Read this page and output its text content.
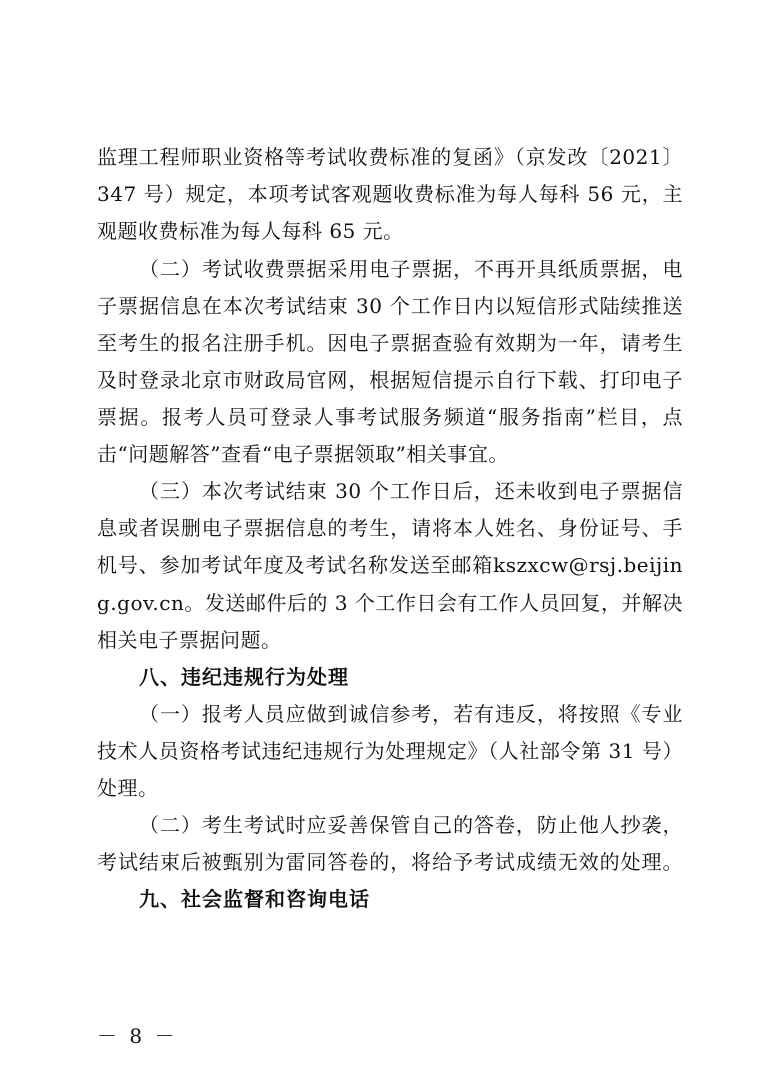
监理工程师职业资格等考试收费标准的复函》（京发改〔2021〕
347 号）规定，本项考试客观题收费标准为每人每科 56 元，主
观题收费标准为每人每科 65 元。
（二）考试收费票据采用电子票据，不再开具纸质票据，电
子票据信息在本次考试结束 30 个工作日内以短信形式陆续推送
至考生的报名注册手机。因电子票据查验有效期为一年，请考生
及时登录北京市财政局官网，根据短信提示自行下载、打印电子
票据。报考人员可登录人事考试服务频道“服务指南”栏目，点
击“问题解答”查看“电子票据领取”相关事宜。
（三）本次考试结束 30 个工作日后，还未收到电子票据信
息或者误删电子票据信息的考生，请将本人姓名、身份证号、手
机号、参加考试年度及考试名称发送至邮箱kszxcw@rsj.beijin
g.gov.cn。发送邮件后的 3 个工作日会有工作人员回复，并解决
相关电子票据问题。
八、违纪违规行为处理
（一）报考人员应做到诚信参考，若有违反，将按照《专业
技术人员资格考试违纪违规行为处理规定》（人社部令第 31 号）
处理。
（二）考生考试时应妥善保管自己的答卷，防止他人抄袭，
考试结束后被甄别为雷同答卷的，将给予考试成绩无效的处理。
九、社会监督和咨询电话
－ 8 －
